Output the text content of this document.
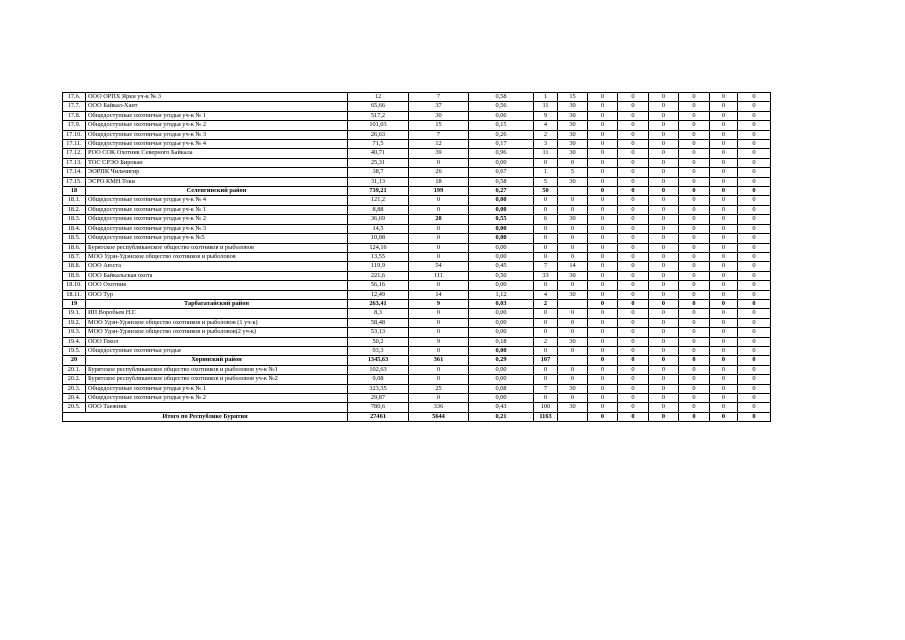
17.6.	ООО ОРПХ Ярки уч-к № 3	12	7	0,58	1	15	0	0	0	0	0	0
17.7.	ООО Байкал-Хант	65,66	37	0,56	11	30	0	0	0	0	0	0
17.8.	Общедоступные охотничьи угодья уч-к № 1	517,2	30	0,06	9	30	0	0	0	0	0	0
17.9.	Общедоступные охотничьи угодья уч-к № 2	101,03	15	0,15	4	30	0	0	0	0	0	0
17.10.	Общедоступные охотничьи угодья уч-к № 3	26,63	7	0,26	2	30	0	0	0	0	0	0
17.11.	Общедоступные охотничьи угодья уч-к № 4	71,5	12	0,17	3	30	0	0	0	0	0	0
17.12.	РОО СОК Охотник Северного Байкала	40,71	39	0,96	11	30	0	0	0	0	0	0
17.13.	ТОС СРЭО Бирокан	25,31	0	0,00	0	0	0	0	0	0	0	0
17.14.	ЭОРПК Чильчигир	38,7	26	0,67	1	5	0	0	0	0	0	0
17.15.	ЭСРО КМН Токи	31,13	18	0,58	5	30	0	0	0	0	0	0
18	Селенгинский район	739,21	199	0,27	50		0	0	0	0	0	0
18.1.	Общедоступные охотничьи угодья уч-к № 4	121,2	0	0,00	0	0	0	0	0	0	0	0
18.2.	Общедоступные охотничьи угодья уч-к № 1	8,88	0	0,00	0	0	0	0	0	0	0	0
18.3.	Общедоступные охотничьи угодья уч-к № 2	36,69	20	0,55	6	30	0	0	0	0	0	0
18.4.	Общедоступные охотничьи угодья уч-к № 3	14,5	0	0,00	0	0	0	0	0	0	0	0
18.5.	Общедоступные охотничьи угодья уч-к №5	10,08	0	0,00	0	0	0	0	0	0	0	0
18.6.	Бурятское республиканское общество охотников и рыболовов	124,16	0	0,00	0	0	0	0	0	0	0	0
18.7.	МОО Удэн-Удэнское общество охотников и рыболовов	13,55	0	0,00	0	0	0	0	0	0	0	0
18.8.	ООО Аюста	119,9	54	0,45	7	14	0	0	0	0	0	0
18.9.	ООО Байкальская охота	221,6	111	0,50	33	30	0	0	0	0	0	0
18.10.	ООО Охотник	56,16	0	0,00	0	0	0	0	0	0	0	0
18.11.	ООО Тур	12,49	14	1,12	4	30	0	0	0	0	0	0
19	Тарбагатайский район	263,41	9	0,03	2		0	0	0	0	0	0
19.1.	ИП Воробьев Н.Г.	8,3	0	0,00	0	0	0	0	0	0	0	0
19.2.	МОО Удэн-Удэнское общество охотников и рыболовов (1 уч-к)	58,48	0	0,00	0	0	0	0	0	0	0	0
19.3.	МОО Удэн-Удэнское общество охотников и рыболовов(2 уч-к)	53,13	0	0,00	0	0	0	0	0	0	0	0
19.4.	ООО Гекол	50,2	9	0,18	2	30	0	0	0	0	0	0
19.5.	Общедоступные охотничьи угодья	93,3	0	0,00	0	0	0	0	0	0	0	0
20	Хоринский район	1345,63	361	0,29	107		0	0	0	0	0	0
20.1.	Бурятское республиканское общество охотников и рыболовов уч-к №1	102,63	0	0,00	0	0	0	0	0	0	0	0
20.2.	Бурятское республиканское общество охотников и рыболовов уч-к №2	9,08	0	0,00	0	0	0	0	0	0	0	0
20.3.	Общедоступные охотничьи угодья уч-к № 1	323,35	25	0,08	7	30	0	0	0	0	0	0
20.4.	Общедоступные охотничьи угодья уч-к № 2	29,87	0	0,00	0	0	0	0	0	0	0	0
20.5.	ООО Таежник	780,6	336	0,43	100	30	0	0	0	0	0	0
Итого по Республике Бурятия		27461	5644	0,21	1163		0	0	0	0	0	0
